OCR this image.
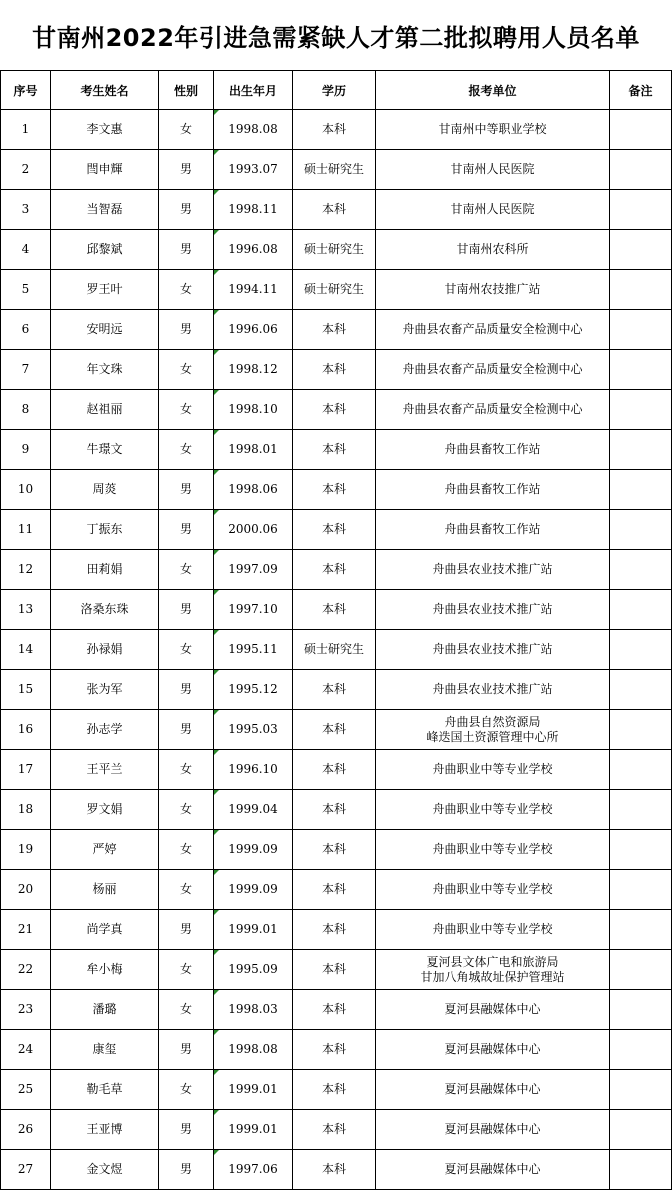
甘南州2022年引进急需紧缺人才第二批拟聘用人员名单
序号	考生姓名	性别	出生年月	学历	报考单位	备注
1	李文惠	女	1998.08	本科	甘南州中等职业学校	

2	閆申輝	男	1993.07	硕士研究生	甘南州人民医院	

3	当智磊	男	1998.11	本科	甘南州人民医院	

4	邱黎斌	男	1996.08	硕士研究生	甘南州农科所	

5	罗王叶	女	1994.11	硕士研究生	甘南州农技推广站	

6	安明远	男	1996.06	本科	舟曲县农畜产品质量安全检测中心	

7	年文珠	女	1998.12	本科	舟曲县农畜产品质量安全检测中心	

8	赵祖丽	女	1998.10	本科	舟曲县农畜产品质量安全检测中心	

9	牛璟文	女	1998.01	本科	舟曲县畜牧工作站	

10	周菼	男	1998.06	本科	舟曲县畜牧工作站	

11	丁振东	男	2000.06	本科	舟曲县畜牧工作站	

12	田莉娟	女	1997.09	本科	舟曲县农业技术推广站	

13	洛桑东珠	男	1997.10	本科	舟曲县农业技术推广站	

14	孙禄娟	女	1995.11	硕士研究生	舟曲县农业技术推广站	

15	张为军	男	1995.12	本科	舟曲县农业技术推广站	

16	孙志学	男	1995.03	本科	舟曲县自然资源局
峰迭国土资源管理中心所	

17	王平兰	女	1996.10	本科	舟曲职业中等专业学校	

18	罗文娟	女	1999.04	本科	舟曲职业中等专业学校	

19	严婷	女	1999.09	本科	舟曲职业中等专业学校	

20	杨丽	女	1999.09	本科	舟曲职业中等专业学校	

21	尚学真	男	1999.01	本科	舟曲职业中等专业学校	

22	牟小梅	女	1995.09	本科	夏河县文体广电和旅游局
甘加八角城故址保护管理站	

23	潘璐	女	1998.03	本科	夏河县融媒体中心	

24	康玺	男	1998.08	本科	夏河县融媒体中心	

25	勒毛草	女	1999.01	本科	夏河县融媒体中心	

26	王亚博	男	1999.01	本科	夏河县融媒体中心	

27	金文煜	男	1997.06	本科	夏河县融媒体中心	
